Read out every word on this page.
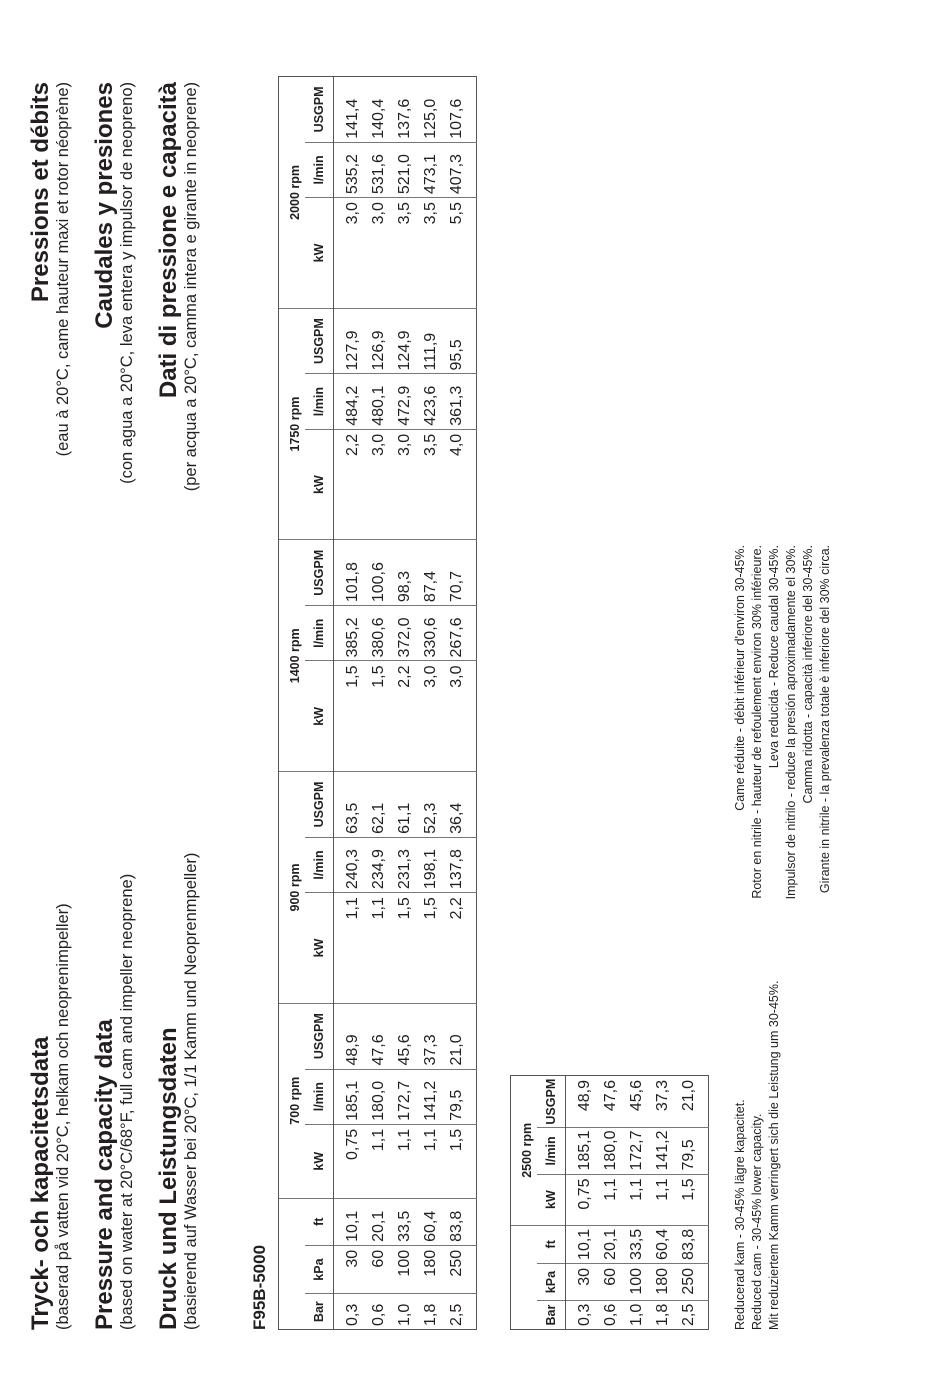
Tryck- och kapacitetsdata (baserad på vatten vid 20°C, helkam och neoprenimpeller) Pressure and capacity data (based on water at 20°C/68°F, full cam and impeller neoprene) Druck und Leistungsdaten (basierend auf Wasser bei 20°C, 1/1 Kamm und Neoprenmpeller)
Pressions et débits (eau à 20°C, came hauteur maxi et rotor néoprène) Caudales y presiones (con agua a 20°C, leva entera y impulsor de neopreno) Dati di pressione e capacità (per acqua a 20°C, camma intera e girante in neoprene)
F95B-5000
			700 rpm			900 rpm			1400 rpm			1750 rpm			2000 rpm		
Bar	kPa	ft	kW	l/min	USGPM	kW	l/min	USGPM	kW	l/min	USGPM	kW	l/min	USGPM	kW	l/min	USGPM
0,3	30	10,1	0,75	185,1	48,9	1,1	240,3	63,5	1,5	385,2	101,8	2,2	484,2	127,9	3,0	535,2	141,4
0,6	60	20,1	1,1	180,0	47,6	1,1	234,9	62,1	1,5	380,6	100,6	3,0	480,1	126,9	3,0	531,6	140,4
1,0	100	33,5	1,1	172,7	45,6	1,5	231,3	61,1	2,2	372,0	98,3	3,0	472,9	124,9	3,5	521,0	137,6
1,8	180	60,4	1,1	141,2	37,3	1,5	198,1	52,3	3,0	330,6	87,4	3,5	423,6	111,9	3,5	473,1	125,0
2,5	250	83,8	1,5	79,5	21,0	2,2	137,8	36,4	3,0	267,6	70,7	4,0	361,3	95,5	5,5	407,3	107,6
			2500 rpm		
Bar	kPa	ft	kW	l/min	USGPM
0,3	30	10,1	0,75	185,1	48,9
0,6	60	20,1	1,1	180,0	47,6
1,0	100	33,5	1,1	172,7	45,6
1,8	180	60,4	1,1	141,2	37,3
2,5	250	83,8	1,5	79,5	21,0
Reducerad kam - 30-45% lägre kapacitet. Reduced cam - 30-45% lower capacity. Mit reduziertem Kamm verringert sich die Leistung um 30-45%.
Came réduite - débit inférieur d'environ 30-45%. Rotor en nitrile - hauteur de refoulement environ 30% inférieure. Leva reducida - Reduce caudal 30-45%. Impulsor de nitrilo - reduce la presión aproximadamente el 30%. Camma ridotta - capacità inferiore del 30-45%. Girante in nitrile - la prevalenza totale è inferiore del 30% circa.
